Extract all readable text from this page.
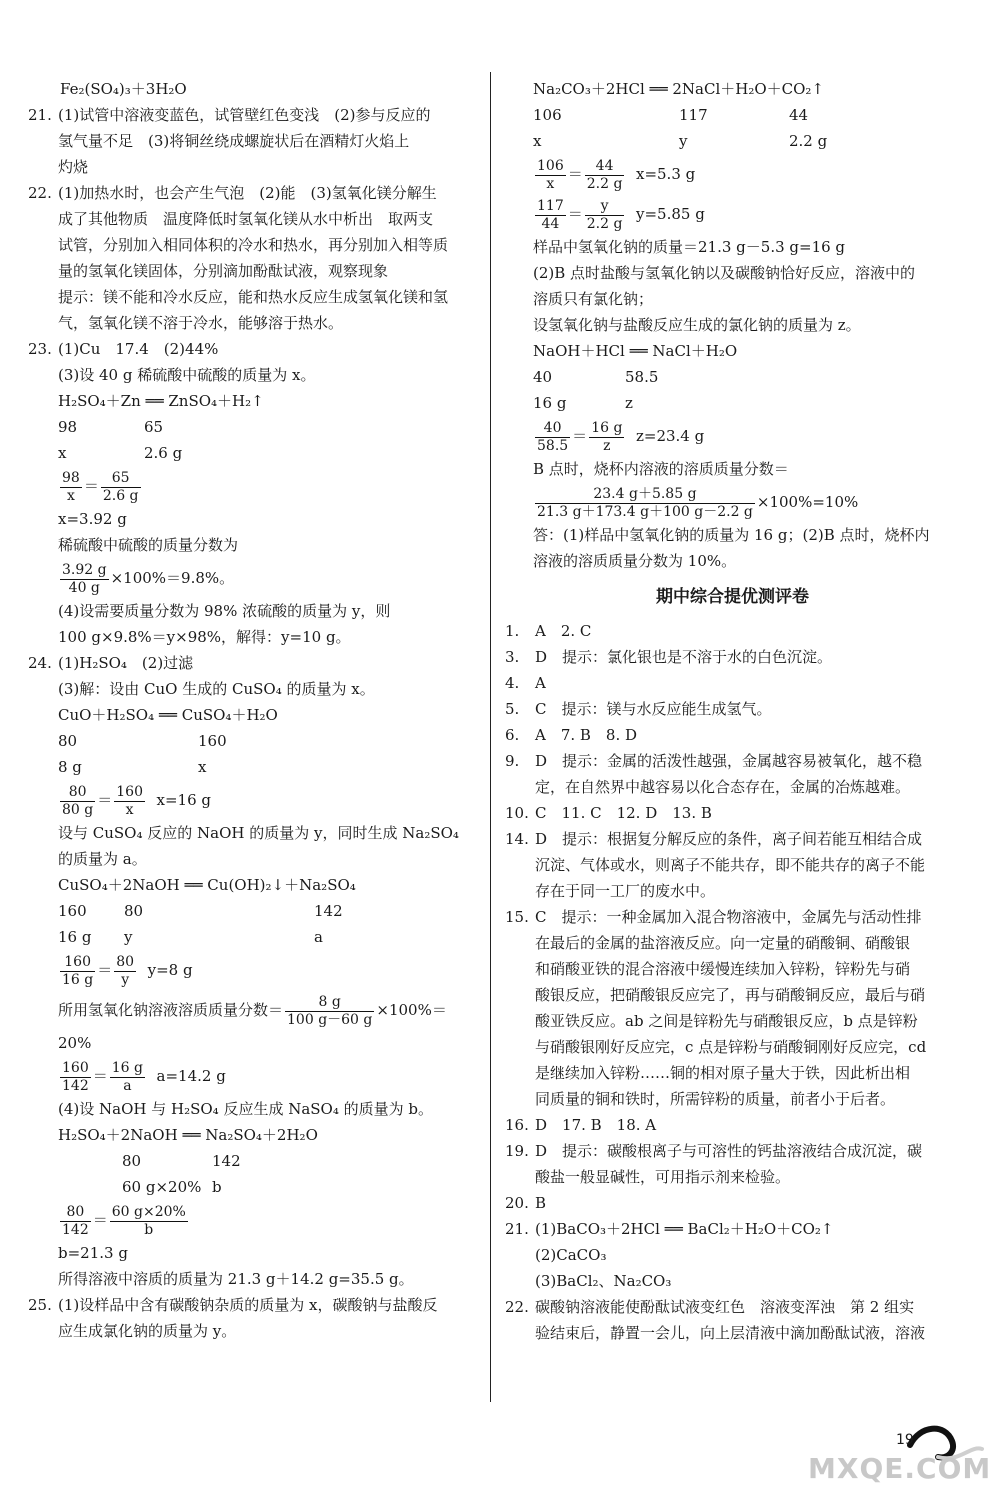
Fe₂(SO₄)₃＋3H₂O
21. (1)试管中溶液变蓝色，试管壁红色变浅　(2)参与反应的
氢气量不足　(3)将铜丝绕成螺旋状后在酒精灯火焰上
灼烧
22. (1)加热水时，也会产生气泡　(2)能　(3)氢氧化镁分解生
成了其他物质　温度降低时氢氧化镁从水中析出　取两支
试管，分别加入相同体积的冷水和热水，再分别加入相等质
量的氢氧化镁固体，分别滴加酚酞试液，观察现象
提示：镁不能和冷水反应，能和热水反应生成氢氧化镁和氢
气，氢氧化镁不溶于冷水，能够溶于热水。
23. (1)Cu　17.4　(2)44%
(3)设 40 g 稀硫酸中硫酸的质量为 x。
H₂SO₄＋Zn ══ ZnSO₄＋H₂↑
98	65
x	2.6 g
$\frac{98}{x} = \frac{65}{2.6 g}$
x=3.92 g
稀硫酸中硫酸的质量分数为
$\frac{3.92 g}{40 g} \times 100\%=9.8\%$。
(4)设需要质量分数为 98% 浓硫酸的质量为 y，则
100 g×9.8%＝y×98%，解得：y=10 g。
24. (1)H₂SO₄　(2)过滤
(3)解：设由 CuO 生成的 CuSO₄ 的质量为 x。
CuO＋H₂SO₄ ══ CuSO₄＋H₂O
80	160
8 g	x
$\frac{80}{80 g} = \frac{160}{x} x=16$ g
设与 CuSO₄ 反应的 NaOH 的质量为 y，同时生成 Na₂SO₄
的质量为 a。
CuSO₄＋2NaOH ══ Cu(OH)₂↓＋Na₂SO₄
160	80	142
16 g	y	a
$\frac{160}{16 g} = \frac{80}{y} y=8$ g
所用氢氧化钠溶液溶质质量分数＝ $\frac{8 g}{100 g-60 g} \times 100\%=$
20%
$\frac{160}{142} = \frac{16 g}{a} a=14.2$ g
(4)设 NaOH 与 H₂SO₄ 反应生成 NaSO₄ 的质量为 b。
H₂SO₄＋2NaOH ══ Na₂SO₄＋2H₂O
80	142
60 g×20% b
$\frac{80}{142} = \frac{60 g\times 20\%}{b}$
b=21.3 g
所得溶液中溶质的质量为 21.3 g＋14.2 g=35.5 g。
25. (1)设样品中含有碳酸钠杂质的质量为 x，碳酸钠与盐酸反
应生成氯化钠的质量为 y。
Na₂CO₃＋2HCl ══ 2NaCl＋H₂O＋CO₂↑
106	117	44
x	y	2.2 g
$\frac{106}{x} = \frac{44}{2.2 g} x=5.3$ g
$\frac{117}{44} = \frac{y}{2.2 g} y=5.85$ g
样品中氢氧化钠的质量＝21.3 g－5.3 g=16 g
(2)B 点时盐酸与氢氧化钠以及碳酸钠恰好反应，溶液中的
溶质只有氯化钠；
设氢氧化钠与盐酸反应生成的氯化钠的质量为 z。
NaOH＋HCl ══ NaCl＋H₂O
40	58.5
16 g	z
$\frac{40}{58.5} = \frac{16 g}{z} z=23.4$ g
B 点时，烧杯内溶液的溶质质量分数＝
$\frac{23.4 g+5.85 g}{21.3 g+173.4 g+100 g-2.2 g} \times 100\%=10\%$
答：(1)样品中氢氧化钠的质量为 16 g；(2)B 点时，烧杯内
溶液的溶质质量分数为 10%。
期中综合提优测评卷
1. A　2. C
3. D　提示：氯化银也是不溶于水的白色沉淀。
4. A
5. C　提示：镁与水反应能生成氢气。
6. A　7. B　8. D
9. D　提示：金属的活泼性越强，金属越容易被氧化，越不稳
定，在自然界中越容易以化合态存在，金属的冶炼越难。
10. C　11. C　12. D　13. B
14. D　提示：根据复分解反应的条件，离子间若能互相结合成
沉淀、气体或水，则离子不能共存，即不能共存的离子不能
存在于同一工厂的废水中。
15. C　提示：一种金属加入混合物溶液中，金属先与活动性排
在最后的金属的盐溶液反应。向一定量的硝酸铜、硝酸银
和硝酸亚铁的混合溶液中缓慢连续加入锌粉，锌粉先与硝
酸银反应，把硝酸银反应完了，再与硝酸铜反应，最后与硝
酸亚铁反应。ab 之间是锌粉先与硝酸银反应，b 点是锌粉
与硝酸银刚好反应完，c 点是锌粉与硝酸铜刚好反应完，cd
是继续加入锌粉……铜的相对原子量大于铁，因此析出相
同质量的铜和铁时，所需锌粉的质量，前者小于后者。
16. D　17. B　18. A
19. D　提示：碳酸根离子与可溶性的钙盐溶液结合成沉淀，碳
酸盐一般显碱性，可用指示剂来检验。
20. B
21. (1)BaCO₃＋2HCl ══ BaCl₂＋H₂O＋CO₂↑
(2)CaCO₃
(3)BaCl₂、Na₂CO₃
22. 碳酸钠溶液能使酚酞试液变红色　溶液变浑浊　第 2 组实
验结束后，静置一会儿，向上层清液中滴加酚酞试液，溶液
19
MXQE.COM
